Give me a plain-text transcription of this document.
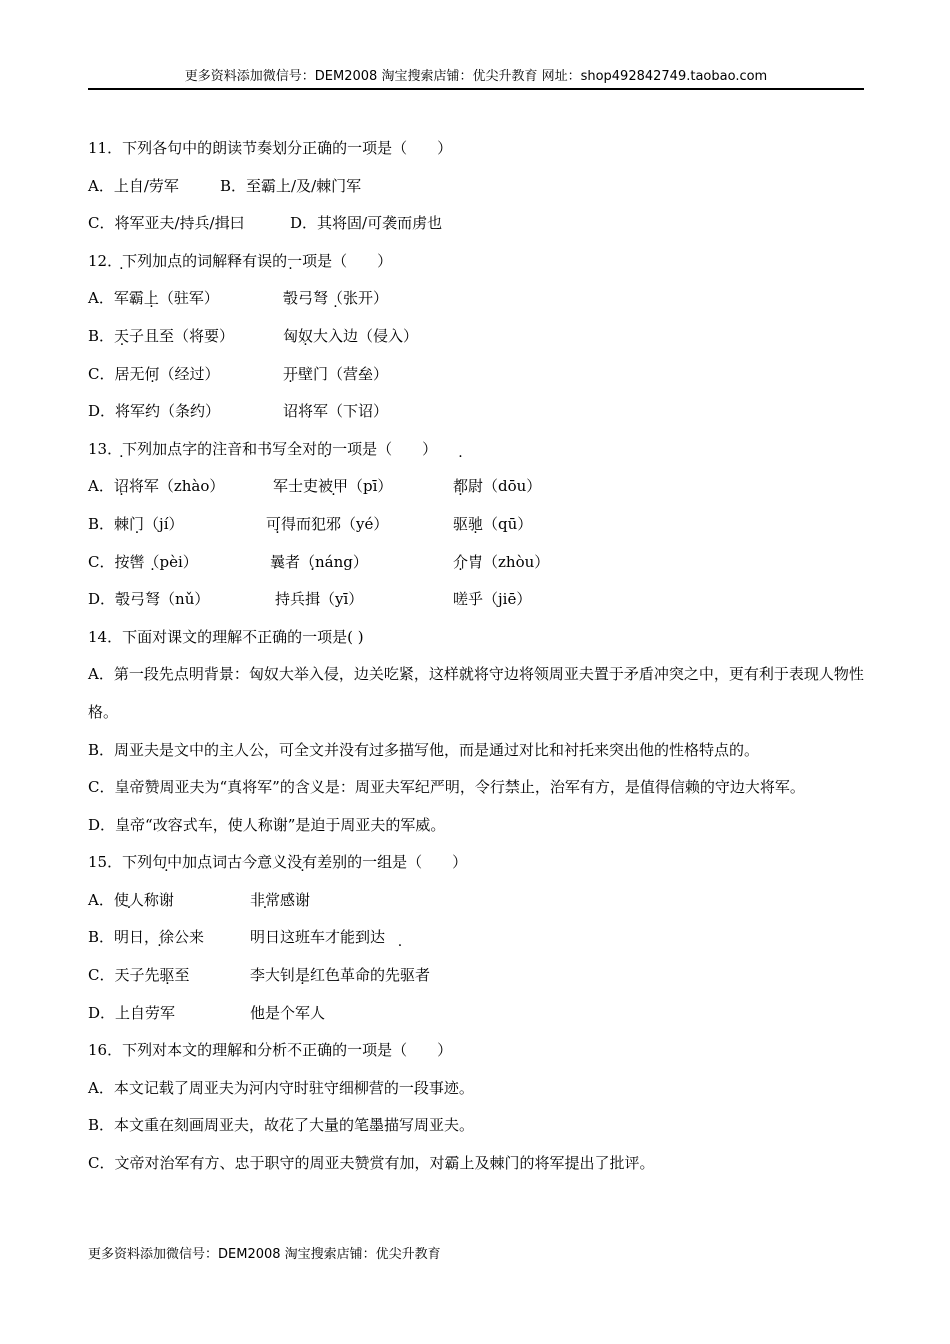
更多资料添加微信号：DEM2008 淘宝搜索店铺：优尖升教育 网址：shop492842749.taobao.com
11．下列各句中的朗读节奏划分正确的一项是（　　）
A．上自/劳军	B．至霸上/及/棘门军
C．将军亚夫/持兵/揖曰	D．其将固/可袭而虏也
12．下列加点的词解释有误的一项是（　　）
A．军霸上（驻军）	彀弓弩（张开）
B．天子且至（将要）	匈奴大入边（侵入）
C．居无何（经过）	开壁门（营垒）
D．将军约（条约）	诏将军（下诏）
13．下列加点字的注音和书写全对的一项是（　　）
A．诏将军（zhào）	军士吏被甲（pī）	都尉（dōu）
B．棘门（jí）	可得而犯邪（yé）	驱驰（qū）
C．按辔（pèi）	曩者（náng）	介胄（zhòu）
D．彀弓弩（nǔ）	持兵揖（yī）	嗟乎（jiē）
14．下面对课文的理解不正确的一项是( )
A．第一段先点明背景：匈奴大举入侵，边关吃紧，这样就将守边将领周亚夫置于矛盾冲突之中，更有利于表现人物性格。
B．周亚夫是文中的主人公，可全文并没有过多描写他，而是通过对比和衬托来突出他的性格特点的。
C．皇帝赞周亚夫为“真将军”的含义是：周亚夫军纪严明，令行禁止，治军有方，是值得信赖的守边大将军。
D．皇帝“改容式车，使人称谢”是迫于周亚夫的军威。
15．下列句中加点词古今意义没有差别的一组是（　　）
A．使人称谢	非常感谢
B．明日，徐公来	明日这班车才能到达
C．天子先驱至	李大钊是红色革命的先驱者
D．上自劳军	他是个军人
16．下列对本文的理解和分析不正确的一项是（　　）
A．本文记载了周亚夫为河内守时驻守细柳营的一段事迹。
B．本文重在刻画周亚夫，故花了大量的笔墨描写周亚夫。
C．文帝对治军有方、忠于职守的周亚夫赞赏有加，对霸上及棘门的将军提出了批评。
更多资料添加微信号：DEM2008 淘宝搜索店铺：优尖升教育
